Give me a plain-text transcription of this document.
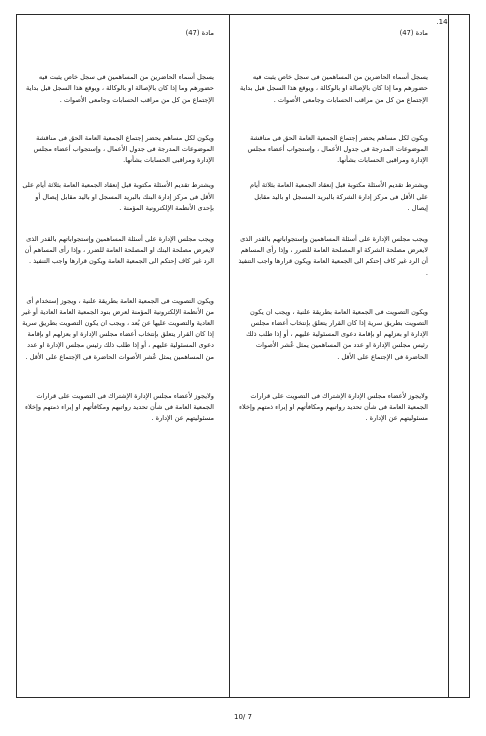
14.

مادة (47)

يسجل أسماء الحاضرين من المساهمين فى سجل خاص يثبت فيه حضورهم وما إذا كان بالإصالة او بالوكالة ، ويوقع هذا السجل قبل بداية الإجتماع من كل من مراقب الحسابات وجامعى الأصوات .

ويكون لكل مساهم يحضر إجتماع الجمعية العامة الحق فى مناقشة الموضوعات المدرجة فى جدول الأعمال ، وإستجواب أعضاء مجلس الإدارة ومراقبى الحسابات بشأنها.

ويشترط تقديم الأسئلة مكتوبة قبل إنعقاد الجمعية العامة بثلاثة أيام على الأقل فى مركز إدارة الشركة بالبريد المسجل او باليد مقابل إيصال .

ويجب مجلس الإدارة على أسئلة المساهمين وإستجواباتهم بالقدر الذى لايعرض مصلحة الشركة او المصلحة العامة للضرر ، وإذا رأى المساهم أن الرد غير كاف إحتكم الى الجمعية العامة ويكون قرارها واجب التنفيذ .

ويكون التصويت فى الجمعية العامة بطريقة علنية ، ويجب ان يكون التصويت بطريق سرية إذا كان القرار يتعلق بإنتخاب أعضاء مجلس الإدارة او بعزلهم او بإقامة دعوى المسئولية عليهم ، أو إذا طلب ذلك رئيس مجلس الإدارة او عدد من المساهمين يمثل عُشر الأصوات الحاضرة فى الإجتماع على الأقل .

ولايجوز لأعضاء مجلس الإدارة الإشتراك فى التصويت على قرارات الجمعية العامة فى شأن تحديد رواتبهم ومكافأتهم او إبراء ذمتهم وإخلاء مسئوليتهم عن الإدارة .

مادة (47)

يسجل أسماء الحاضرين من المساهمين فى سجل خاص يثبت فيه حضورهم وما إذا كان بالإصالة او بالوكالة ، ويوقع هذا السجل قبل بداية الإجتماع من كل من مراقب الحسابات وجامعى الأصوات .

ويكون لكل مساهم يحضر إجتماع الجمعية العامة الحق فى مناقشة الموضوعات المدرجة فى جدول الأعمال ، وإستجواب أعضاء مجلس الإدارة ومراقبى الحسابات بشأنها.

ويشترط تقديم الأسئلة مكتوبة قبل إنعقاد الجمعية العامة بثلاثة أيام على الأقل فى مركز إدارة البنك بالبريد المسجل او باليد مقابل إيصال أو بإحدى الأنظمة الإلكترونية المؤمنة .

ويجب مجلس الإدارة على أسئلة المساهمين وإستجواباتهم بالقدر الذى لايعرض مصلحة البنك او المصلحة العامة للضرر ، وإذا رأى المساهم أن الرد غير كاف إحتكم الى الجمعية العامة ويكون قرارها واجب التنفيذ .

ويكون التصويت فى الجمعية العامة بطريقة علنية ، ويجوز إستخدام أى من الأنظمة الإلكترونية المؤمنة لعرض بنود الجمعية العامة العادية أو غير العادية والتصويت عليها عن بُعد ، ويجب ان يكون التصويت بطريق سرية إذا كان القرار يتعلق بإنتخاب أعضاء مجلس الإدارة او بعزلهم او بإقامة دعوى المسئولية عليهم ، أو إذا طلب ذلك رئيس مجلس الإدارة او عدد من المساهمين يمثل عُشر الأصوات الحاضرة فى الإجتماع على الأقل .

ولايجوز لأعضاء مجلس الإدارة الإشتراك فى التصويت على قرارات الجمعية العامة فى شأن تحديد رواتبهم ومكافأتهم او إبراء ذمتهم وإخلاء مسئوليتهم عن الإدارة .

10/ 7
